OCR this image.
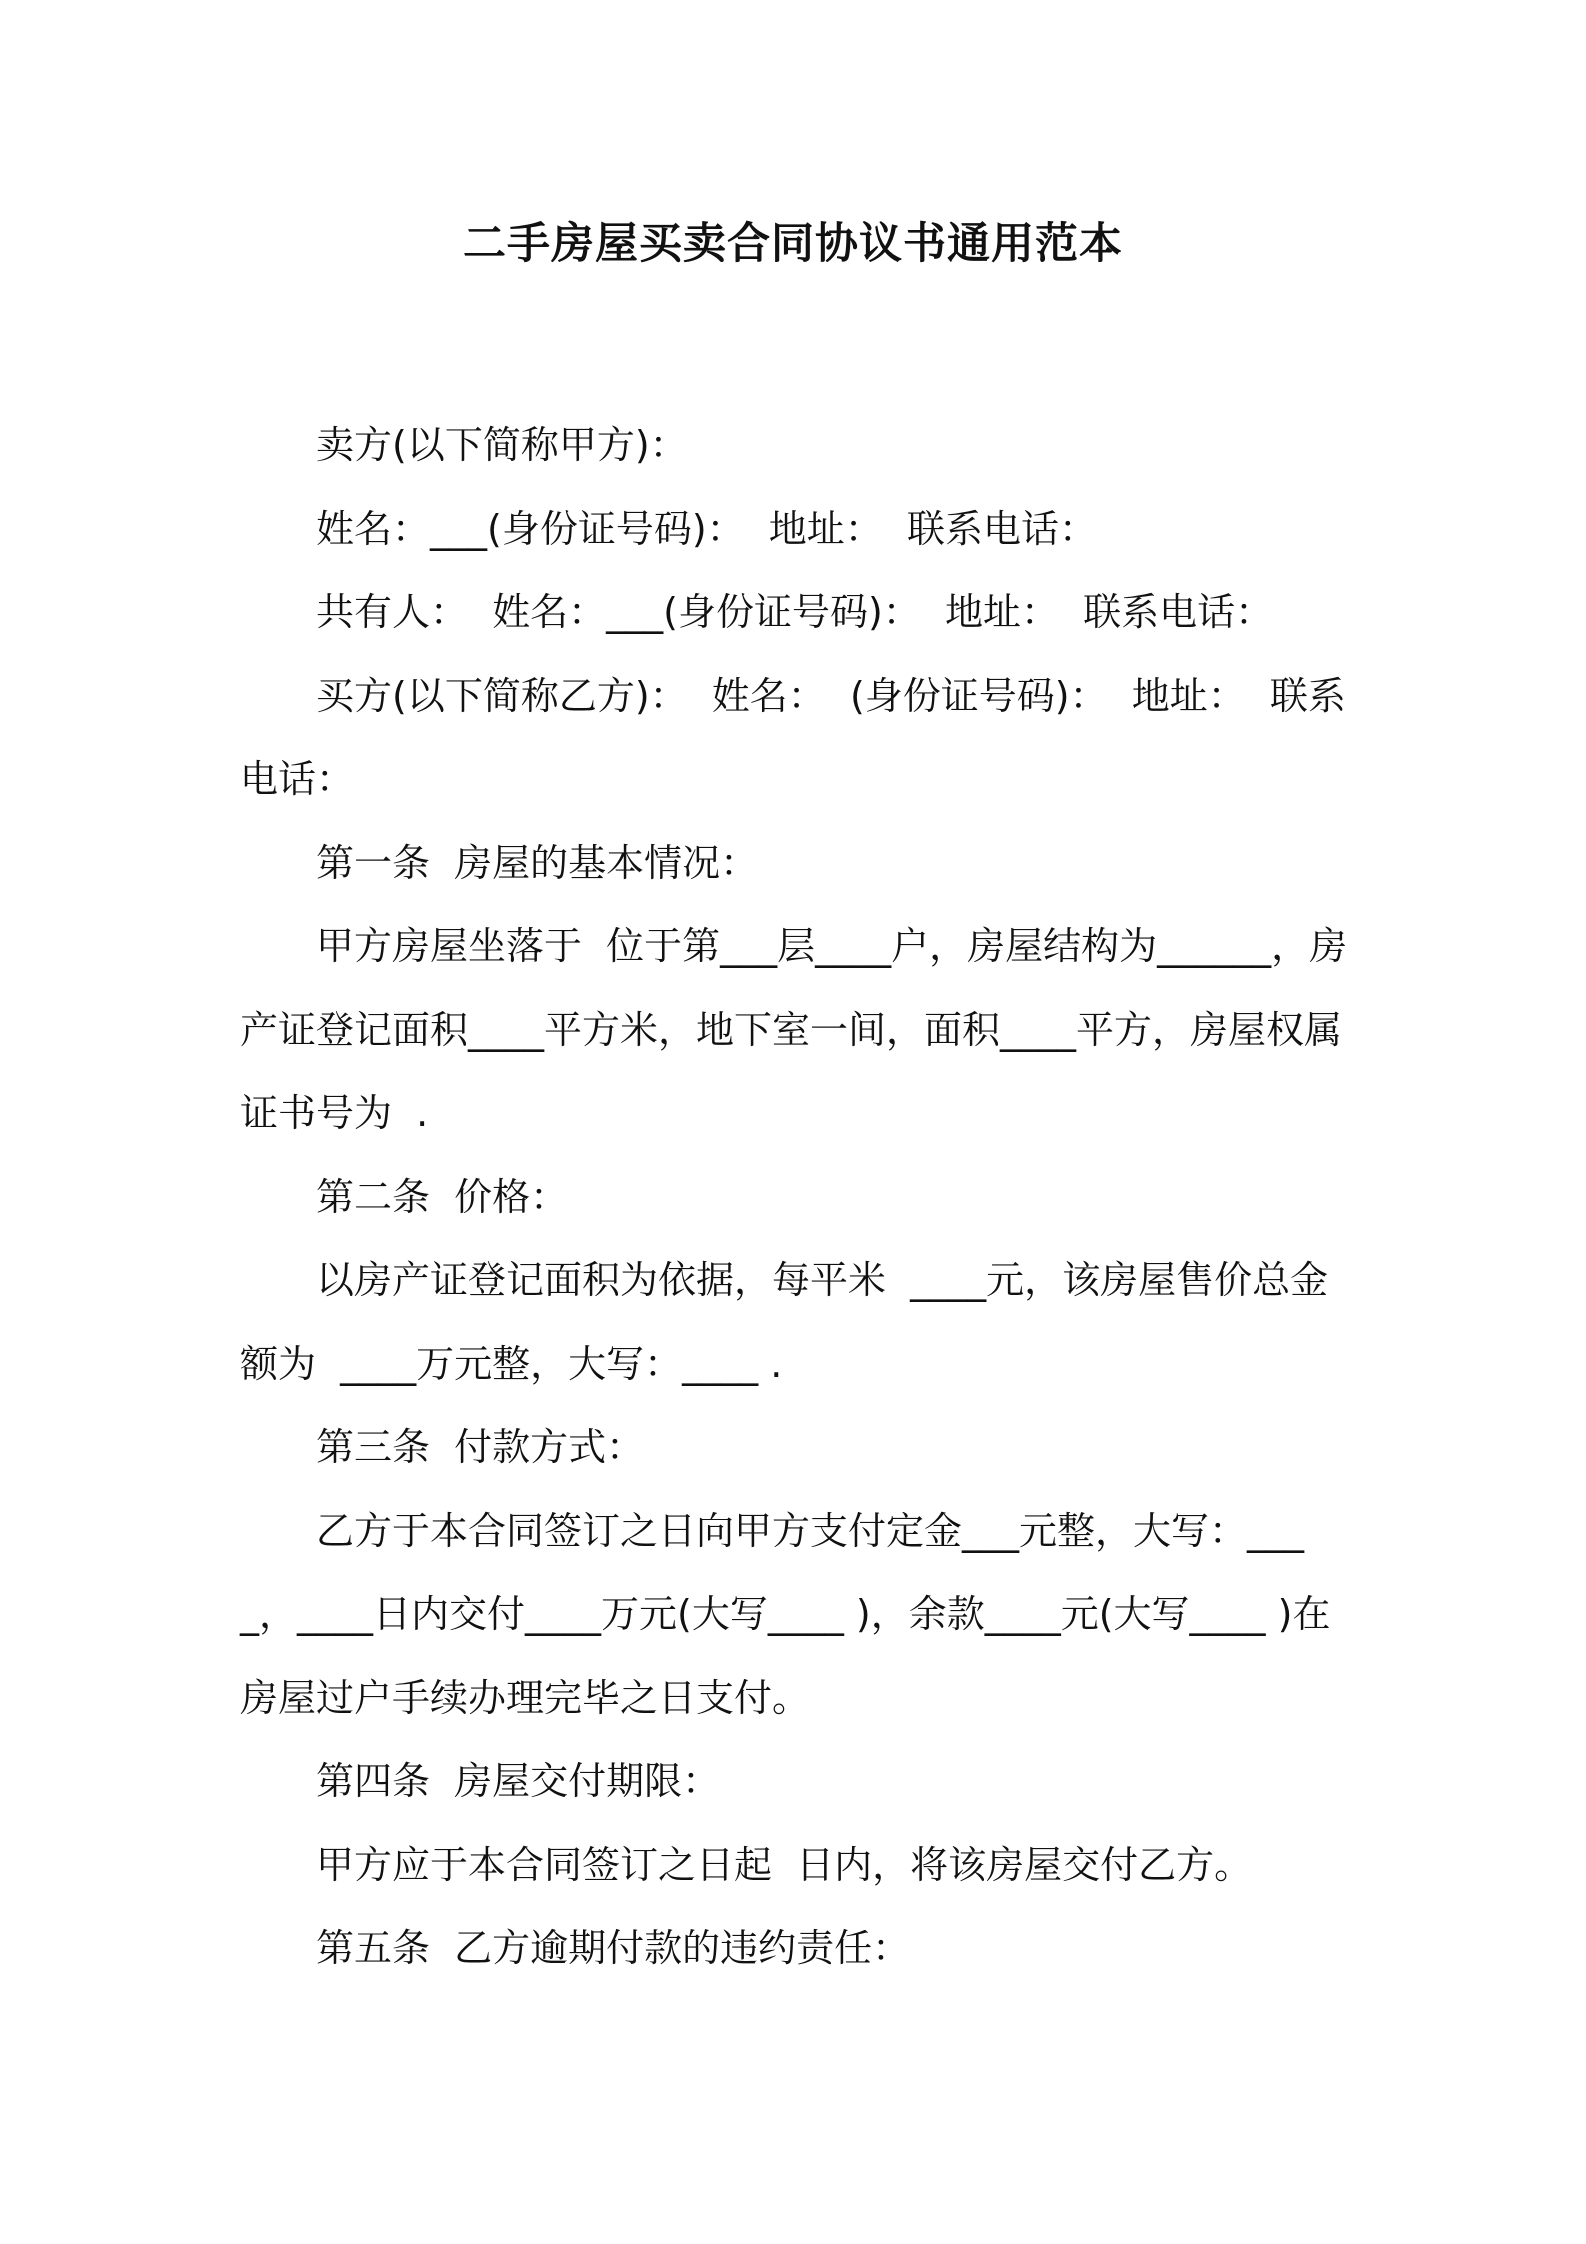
二手房屋买卖合同协议书通用范本

卖方(以下简称甲方)：

姓名：___(身份证号码)：  地址：  联系电话：

共有人：  姓名：___(身份证号码)：  地址：  联系电话：

买方(以下简称乙方)：  姓名：  (身份证号码)：  地址：  联系电话：

第一条  房屋的基本情况：

甲方房屋坐落于  位于第___层____户，房屋结构为______，房产证登记面积____平方米，地下室一间，面积____平方，房屋权属证书号为  .

第二条  价格：

以房产证登记面积为依据，每平米  ____元，该房屋售价总金额为  ____万元整，大写：____ .

第三条  付款方式：

乙方于本合同签订之日向甲方支付定金___元整，大写：____，____日内交付____万元(大写____ )，余款____元(大写____ )在房屋过户手续办理完毕之日支付。

第四条  房屋交付期限：

甲方应于本合同签订之日起  日内，将该房屋交付乙方。

第五条  乙方逾期付款的违约责任：
